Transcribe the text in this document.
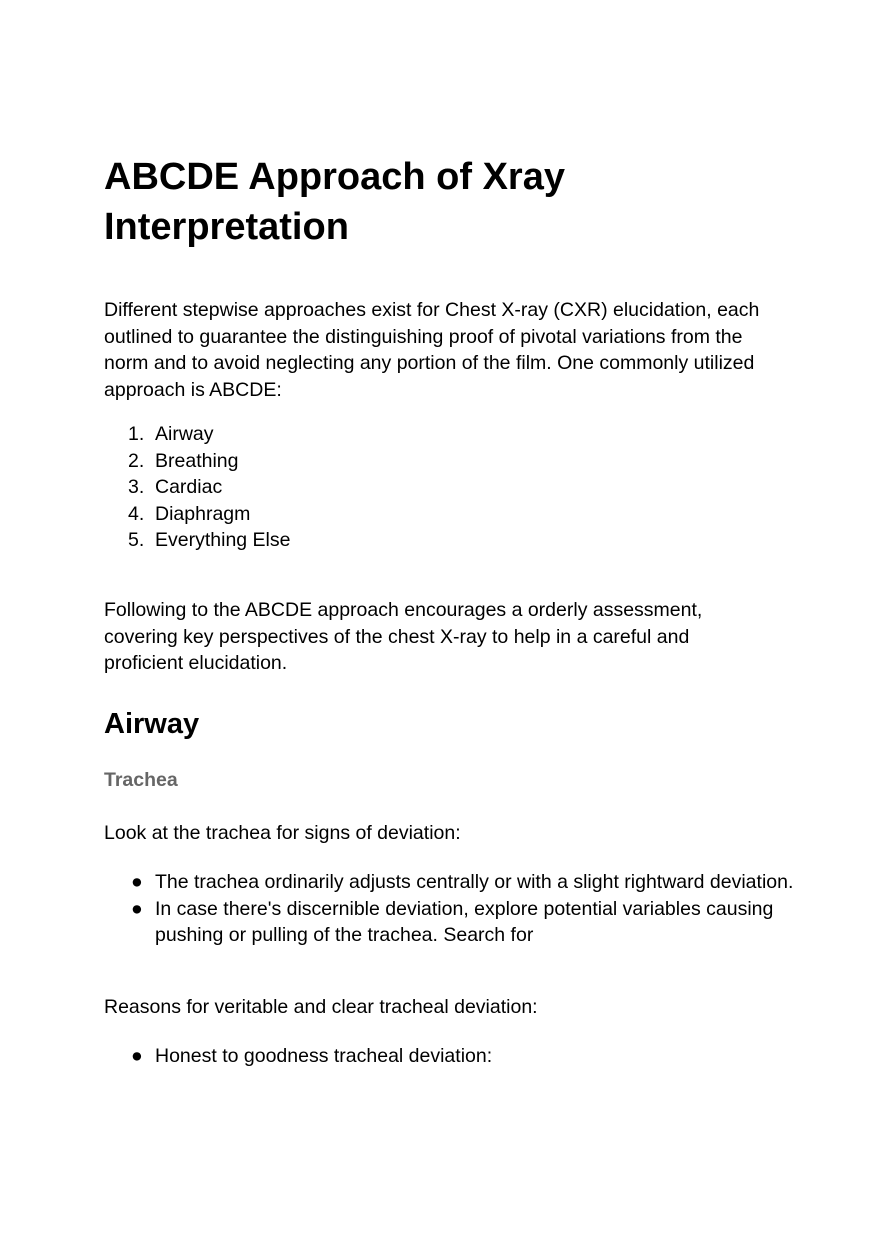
ABCDE Approach of Xray Interpretation

Different stepwise approaches exist for Chest X-ray (CXR) elucidation, each outlined to guarantee the distinguishing proof of pivotal variations from the norm and to avoid neglecting any portion of the film. One commonly utilized approach is ABCDE:

1. Airway
2. Breathing
3. Cardiac
4. Diaphragm
5. Everything Else

Following to the ABCDE approach encourages a orderly assessment, covering key perspectives of the chest X-ray to help in a careful and proficient elucidation.

Airway
Trachea

Look at the trachea for signs of deviation:

● The trachea ordinarily adjusts centrally or with a slight rightward deviation.
● In case there's discernible deviation, explore potential variables causing pushing or pulling of the trachea. Search for

Reasons for veritable and clear tracheal deviation:

● Honest to goodness tracheal deviation:
